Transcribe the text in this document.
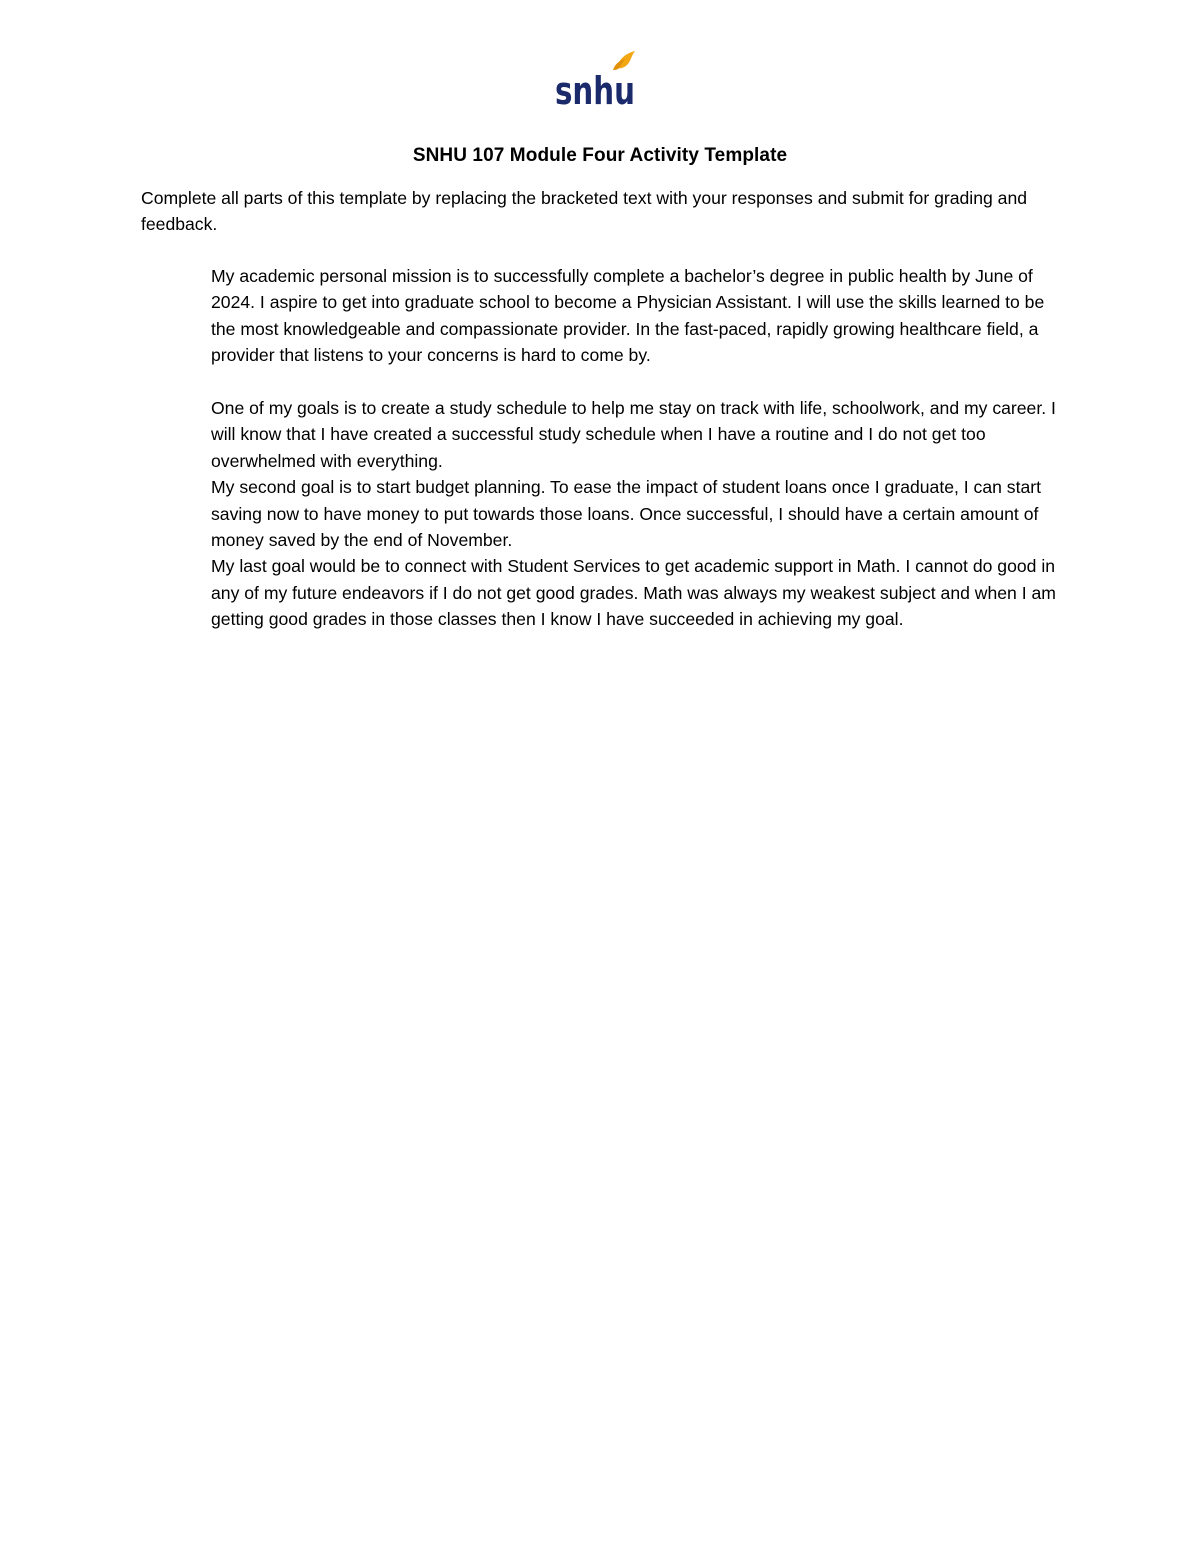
snhu
SNHU 107 Module Four Activity Template

Complete all parts of this template by replacing the bracketed text with your responses and submit for grading and feedback.

My academic personal mission is to successfully complete a bachelor’s degree in public health by June of 2024. I aspire to get into graduate school to become a Physician Assistant. I will use the skills learned to be the most knowledgeable and compassionate provider. In the fast-paced, rapidly growing healthcare field, a provider that listens to your concerns is hard to come by.

One of my goals is to create a study schedule to help me stay on track with life, schoolwork, and my career. I will know that I have created a successful study schedule when I have a routine and I do not get too overwhelmed with everything.

My second goal is to start budget planning. To ease the impact of student loans once I graduate, I can start saving now to have money to put towards those loans. Once successful, I should have a certain amount of money saved by the end of November.

My last goal would be to connect with Student Services to get academic support in Math. I cannot do good in any of my future endeavors if I do not get good grades. Math was always my weakest subject and when I am getting good grades in those classes then I know I have succeeded in achieving my goal.
